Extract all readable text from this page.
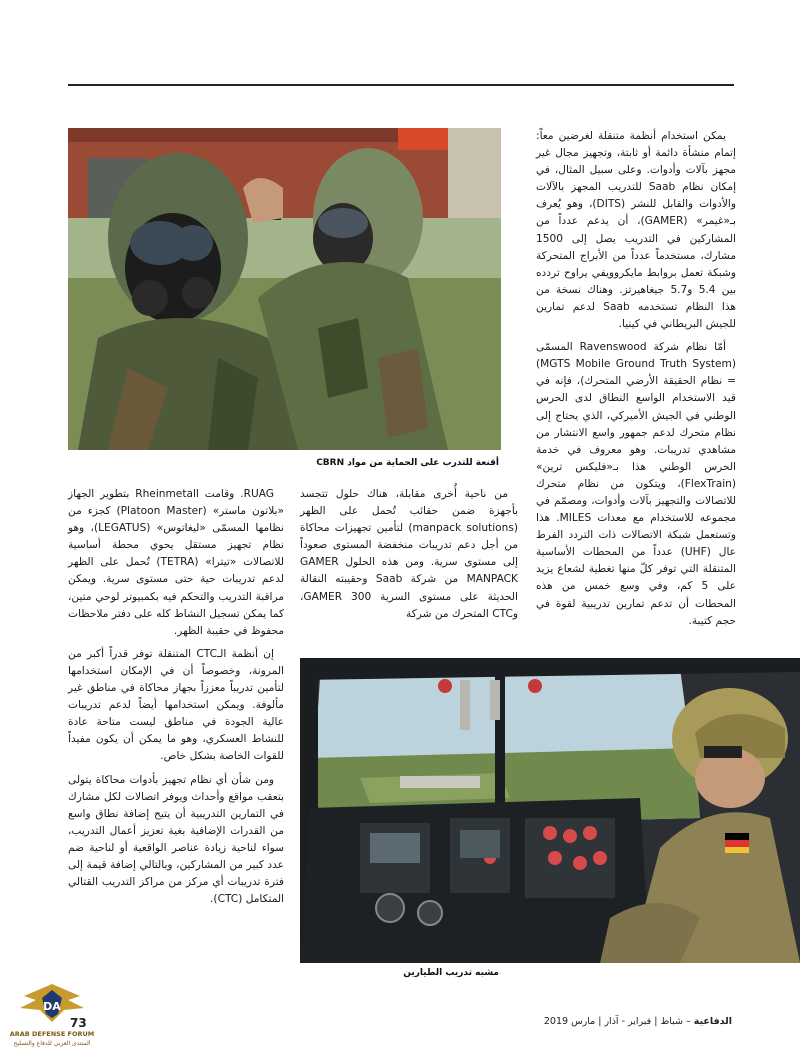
أقنعة للتدرب على الحماية من مواد CBRN

يمكن استخدام أنظمة متنقلة لغرضين معاً: إتمام منشأة دائمة أو ثابتة، وتجهيز مجال غير مجهز بآلات وأدوات. وعلى سبيل المثال، في إمكان نظام Saab للتدريب المجهز بالآلات والأدوات والقابل للنشر (DITS)، وهو يُعرف بـ«غيمر» (GAMER)، أن يدعم عدداً من المشاركين في التدريب يصل إلى 1500 مشارك، مستخدماً عدداً من الأبراج المتحركة وشبكة تعمل بروابط مايكروويفي يراوح تردده بين 5.4 و5.7 جيغاهيرتز. وهناك نسخة من هذا النظام تستخدمه Saab لدعم تمارين للجيش البريطاني في كينيا.

أمّا نظام شركة Ravenswood المسمّى (MGTS Mobile Ground Truth System) = نظام الحقيقة الأرضي المتحرك)، فإنه في قيد الاستخدام الواسع النطاق لدى الحرس الوطني في الجيش الأميركي، الذي يحتاج إلى نظام متحرك لدعم جمهور واسع الانتشار من مشاهدي تدريبات. وهو معروف في خدمة الحرس الوطني هذا بـ«فليكس ترين» (FlexTrain)، ويتكون من نظام متحرك للاتصالات والتجهيز بآلات وأدوات، ومصمّم في مجموعه للاستخدام مع معدات MILES. هذا وتستعمل شبكة الاتصالات ذات التردد الفرط عال (UHF) عدداً من المحطات الأساسية المتنقلة التي توفر كلّ منها تغطية لشعاع يزيد على 5 كم، وفي وسع خمس من هذه المحطات أن تدعم تمارين تدريبية لقوة في حجم كتيبة.

من ناحية أُخرى مقابلة، هناك حلول تتجسد بأجهزة ضمن حقائب تُحمل على الظهر (manpack solutions) لتأمين تجهيزات محاكاة من أجل دعم تدريبات منخفضة المستوى صعوداً إلى مستوى سرية. ومن هذه الحلول GAMER MANPACK من شركة Saab وحقيبته النقالة الحديثة على مستوى السرية GAMER 300، وCTC المتحرك من شركة

RUAG. وقامت Rheinmetall بتطوير الجهاز «بلاتون ماستر» (Platoon Master) كجزء من نظامها المسمّى «ليغاتوس» (LEGATUS)، وهو نظام تجهيز مستقل يحوي محطة أساسية للاتصالات «تيترا» (TETRA) تُحمل على الظهر لدعم تدريبات حية حتى مستوى سرية. ويمكن مراقبة التدريب والتحكم فيه بكمبيوتر لوحي متين، كما يمكن تسجيل النشاط كله على دفتر ملاحظات محفوظ في حقيبة الظهر.

إن أنظمة الـCTC المتنقلة توفر قدراً أكبر من المرونة، وخصوصاً أن في الإمكان استخدامها لتأمين تدريباً معززاً بجهاز محاكاة في مناطق غير مألوفة. ويمكن استخدامها أيضاً لدعم تدريبات عالية الجودة في مناطق ليست متاحة عادة للنشاط العسكري، وهو ما يمكن أن يكون مفيداً للقوات الخاصة بشكل خاص.

ومن شأن أي نظام تجهيز بأدوات محاكاة يتولى بتعقب مواقع وأحداث ويوفر اتصالات لكل مشارك في التمارين التدريبية أن يتيح إضافة نطاق واسع من القدرات الإضافية بغية تعزيز أعمال التدريب، سواء لناحية زيادة عناصر الواقعية أو لناحية ضم عدد كبير من المشاركين، وبالتالي إضافة قيمة إلى فترة تدريبات أي مركز من مراكز التدريب القتالي المتكامل (CTC).

مشبه تدريب الطيارين
الدفاعية – شباط | فبراير - آذار | مارس 2019
73
DA
ARAB DEFENSE FORUM
المنتدى العربي للدفاع والتسليح
